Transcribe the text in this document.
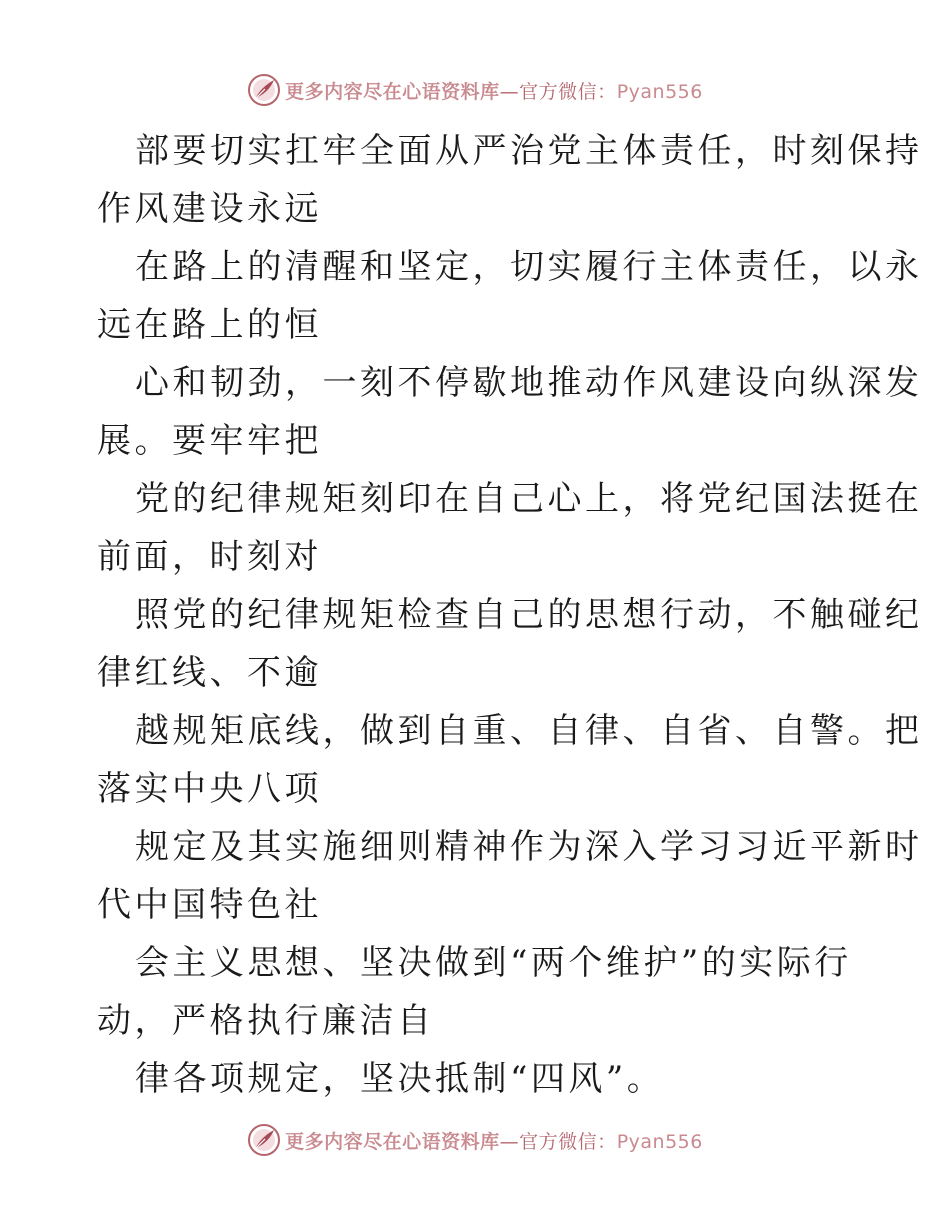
更多内容尽在心语资料库—官方微信：Pyan556
部要切实扛牢全面从严治党主体责任，时刻保持
作风建设永远
在路上的清醒和坚定，切实履行主体责任，以永
远在路上的恒
心和韧劲，一刻不停歇地推动作风建设向纵深发
展。要牢牢把
党的纪律规矩刻印在自己心上，将党纪国法挺在
前面，时刻对
照党的纪律规矩检查自己的思想行动，不触碰纪
律红线、不逾
越规矩底线，做到自重、自律、自省、自警。把
落实中央八项
规定及其实施细则精神作为深入学习习近平新时
代中国特色社
会主义思想、坚决做到“两个维护”的实际行
动，严格执行廉洁自
律各项规定，坚决抵制“四风”。
更多内容尽在心语资料库—官方微信：Pyan556
